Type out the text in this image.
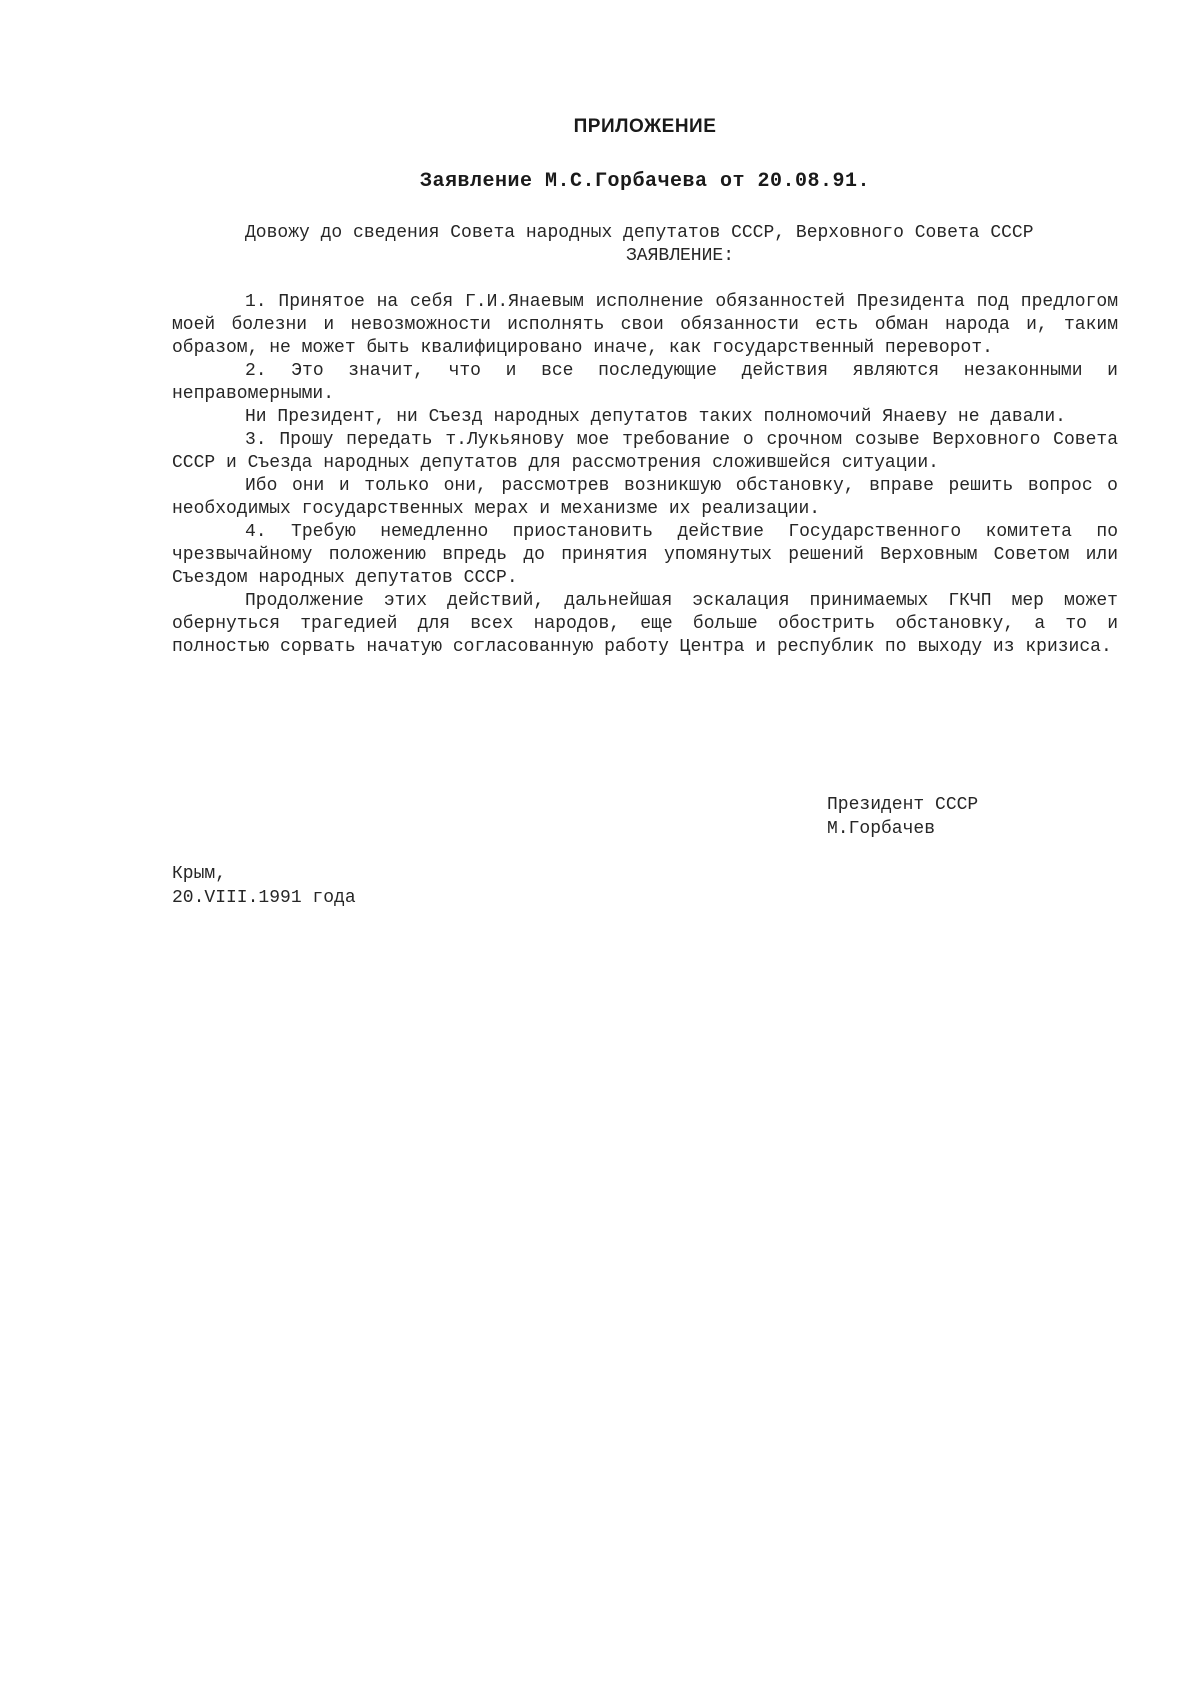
ПРИЛОЖЕНИЕ
Заявление М.С.Горбачева от 20.08.91.

Довожу до сведения Совета народных депутатов СССР, Верховного Совета СССР

ЗАЯВЛЕНИЕ:

1. Принятое на себя Г.И.Янаевым исполнение обязанностей Президента под предлогом моей болезни и невозможности исполнять свои обязанности есть обман народа и, таким образом, не может быть квалифицировано иначе, как государственный переворот.

2. Это значит, что и все последующие действия являются незаконными и неправомерными.

Ни Президент, ни Съезд народных депутатов таких полномочий Янаеву не давали.

3. Прошу передать т.Лукьянову мое требование о срочном созыве Верховного Совета СССР и Съезда народных депутатов для рассмотрения сложившейся ситуации.

Ибо они и только они, рассмотрев возникшую обстановку, вправе решить вопрос о необходимых государственных мерах и механизме их реализации.

4. Требую немедленно приостановить действие Государственного комитета по чрезвычайному положению впредь до принятия упомянутых решений Верховным Советом или Съездом народных депутатов СССР.

Продолжение этих действий, дальнейшая эскалация принимаемых ГКЧП мер может обернуться трагедией для всех народов, еще больше обострить обстановку, а то и полностью сорвать начатую согласованную работу Центра и республик по выходу из кризиса.

Президент СССР
М.Горбачев
Крым,
20.VIII.1991 года
